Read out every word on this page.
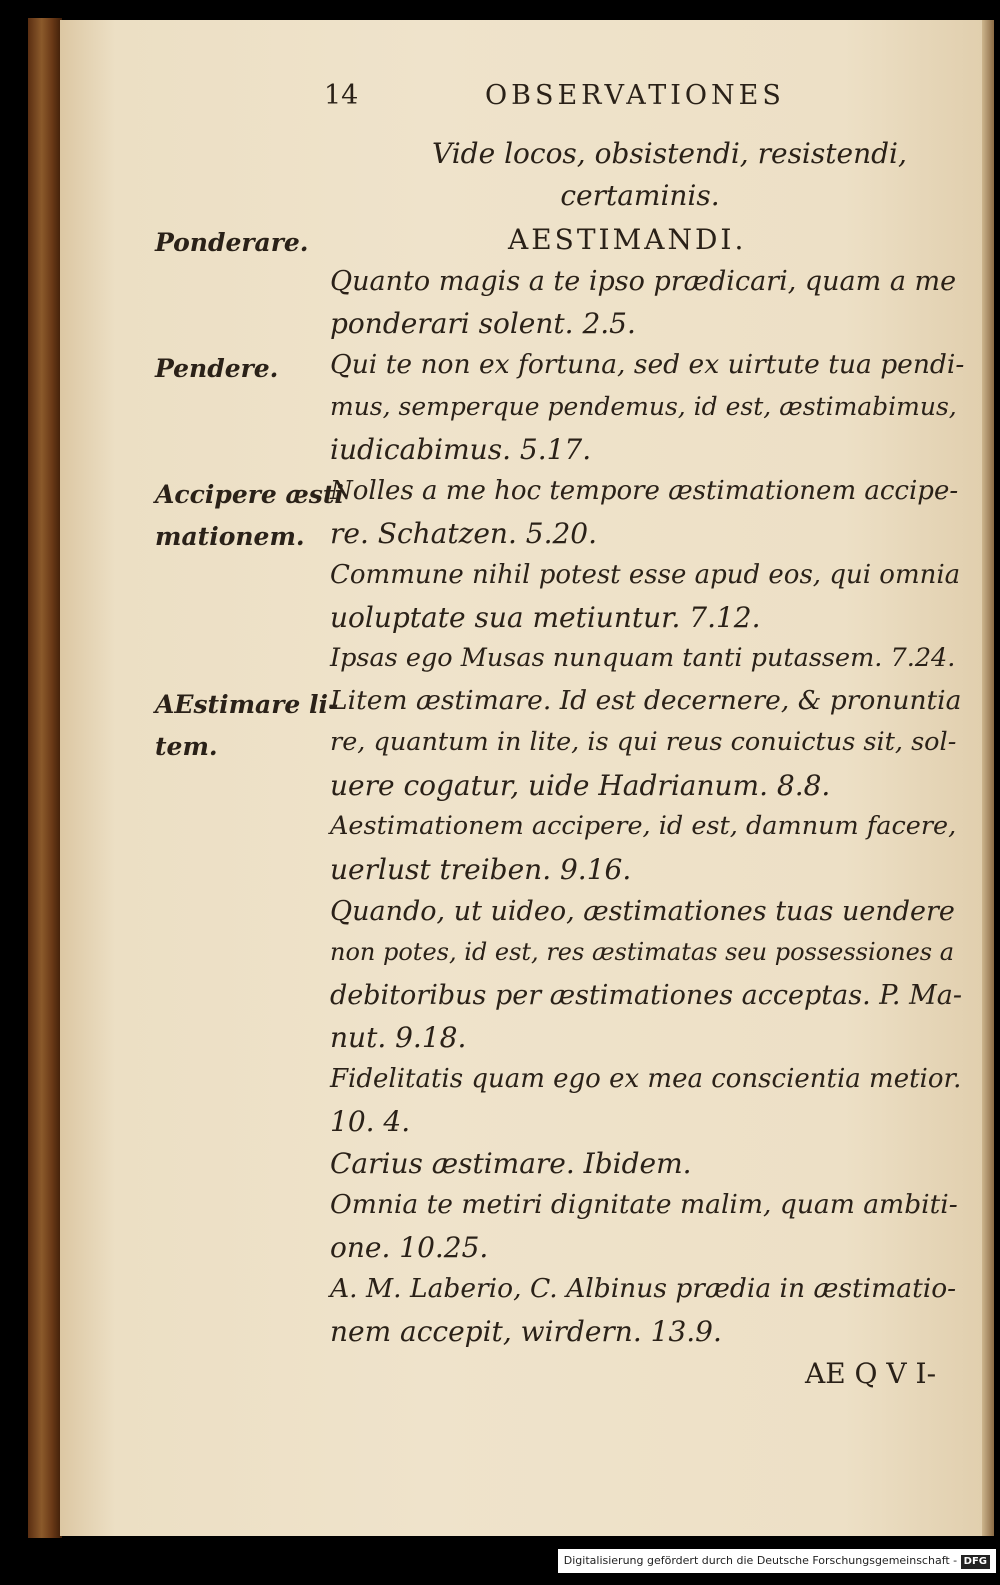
14	OBSERVATIONES
Vide locos, obsistendi, resistendi,
certaminis.
AESTIMANDI.
Quanto magis a te ipso prædicari, quam a me
ponderari solent. 2.5.
Qui te non ex fortuna, sed ex uirtute tua pendi-
mus, semperque pendemus, id est, æstimabimus,
iudicabimus. 5.17.
Nolles a me hoc tempore æstimationem accipe-
re. Schatzen. 5.20.
Commune nihil potest esse apud eos, qui omnia
uoluptate sua metiuntur. 7.12.
Ipsas ego Musas nunquam tanti putassem. 7.24.
Litem æstimare. Id est decernere, & pronuntia
re, quantum in lite, is qui reus conuictus sit, sol-
uere cogatur, uide Hadrianum. 8.8.
Aestimationem accipere, id est, damnum facere,
uerlust treiben. 9.16.
Quando, ut uideo, æstimationes tuas uendere
non potes, id est, res æstimatas seu possessiones a
debitoribus per æstimationes acceptas. P. Ma-
nut. 9.18.
Fidelitatis quam ego ex mea conscientia metior.
10. 4.
Carius æstimare. Ibidem.
Omnia te metiri dignitate malim, quam ambiti-
one. 10.25.
A. M. Laberio, C. Albinus prædia in æstimatio-
nem accepit, wirdern. 13.9.
AE Q V I-
Ponderare.
Pendere.
Accipere æsti
mationem.
AEstimare li-
tem.
Digitalisierung gefördert durch die Deutsche Forschungsgemeinschaft - DFG
